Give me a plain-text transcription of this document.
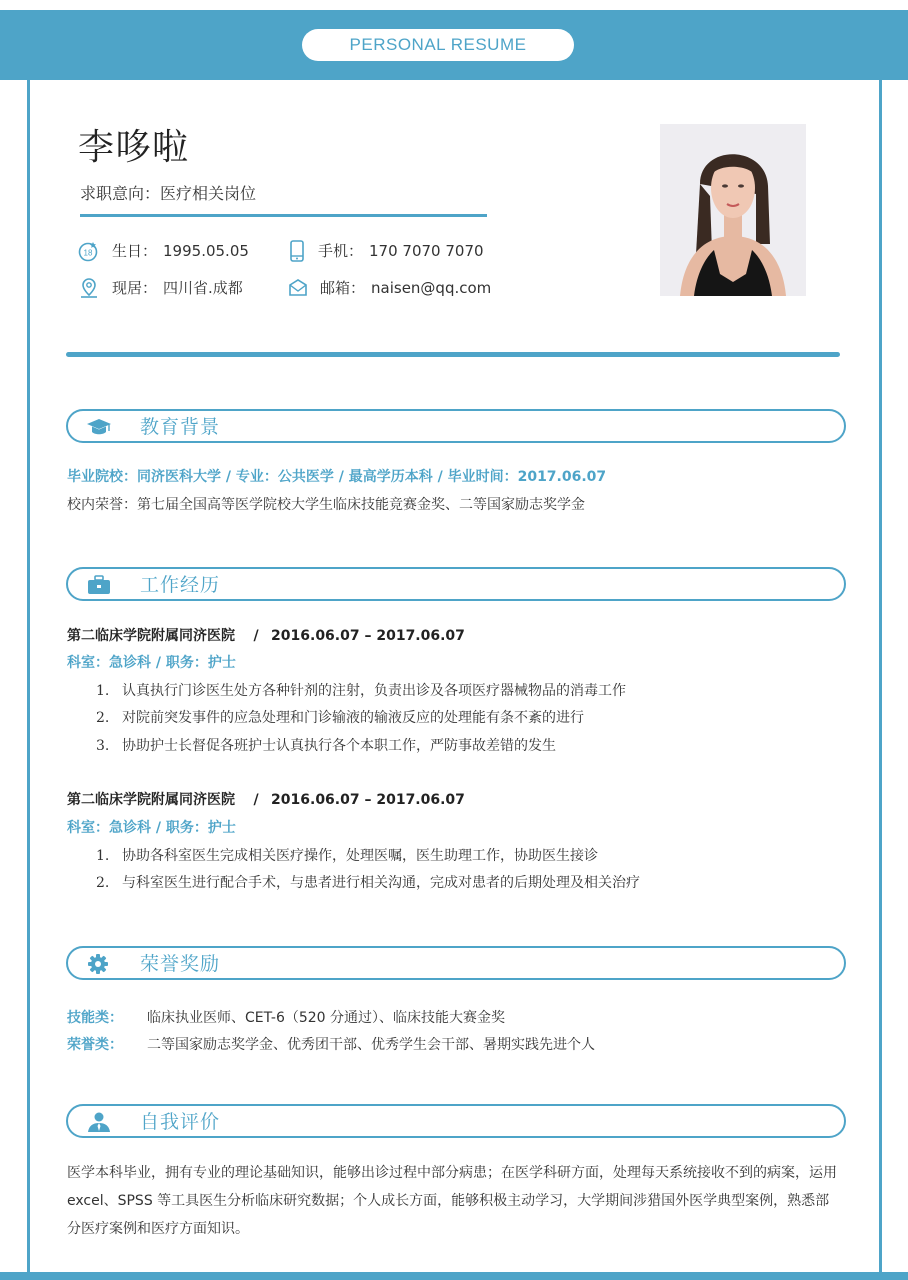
PERSONAL RESUME
李哆啦
求职意向：医疗相关岗位
18 生日： 1995.05.05	手机： 170 7070 7070
现居： 四川省.成都	邮箱： naisen@qq.com
教育背景
毕业院校：同济医科大学 / 专业：公共医学 / 最高学历本科 / 毕业时间：2017.06.07
校内荣誉：第七届全国高等医学院校大学生临床技能竞赛金奖、二等国家励志奖学金
工作经历
第二临床学院附属同济医院 / 2016.06.07 – 2017.06.07
科室：急诊科 / 职务：护士
1. 认真执行门诊医生处方各种针剂的注射，负责出诊及各项医疗器械物品的消毒工作
2. 对院前突发事件的应急处理和门诊输液的输液反应的处理能有条不紊的进行
3. 协助护士长督促各班护士认真执行各个本职工作，严防事故差错的发生
第二临床学院附属同济医院 / 2016.06.07 – 2017.06.07
科室：急诊科 / 职务：护士
1. 协助各科室医生完成相关医疗操作，处理医嘱，医生助理工作，协助医生接诊
2. 与科室医生进行配合手术，与患者进行相关沟通，完成对患者的后期处理及相关治疗
荣誉奖励
技能类： 临床执业医师、CET-6（520 分通过）、临床技能大赛金奖
荣誉类： 二等国家励志奖学金、优秀团干部、优秀学生会干部、暑期实践先进个人
自我评价
医学本科毕业，拥有专业的理论基础知识，能够出诊过程中部分病患；在医学科研方面，处理每天系统接收不到的病案，运用 excel、SPSS 等工具医生分析临床研究数据；个人成长方面，能够积极主动学习，大学期间涉猎国外医学典型案例，熟悉部分医疗案例和医疗方面知识。
